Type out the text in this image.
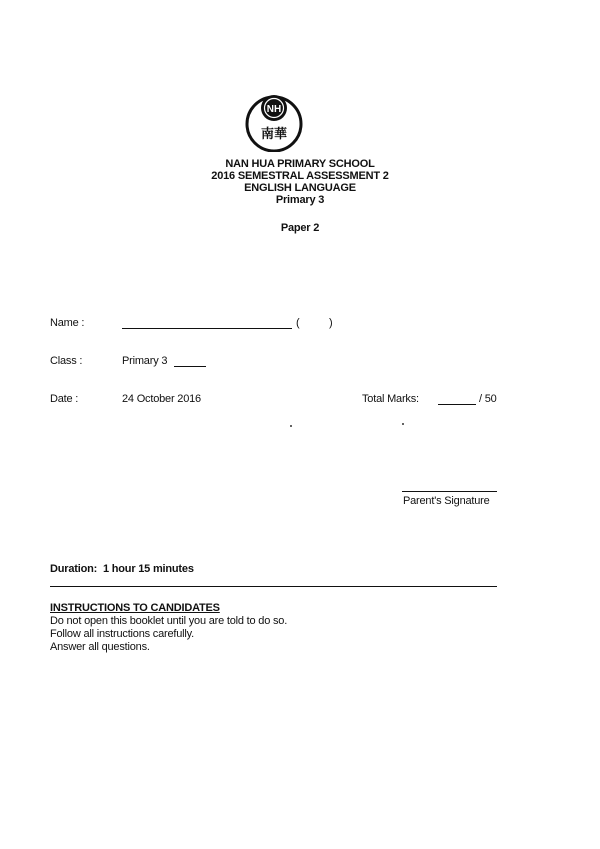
NH
南華
NAN HUA PRIMARY SCHOOL
2016 SEMESTRAL ASSESSMENT 2
ENGLISH LANGUAGE
Primary 3
Paper 2
Name :	(	)
Class :	Primary 3
Date :	24 October 2016	Total Marks:	/ 50
Parent's Signature
Duration: 1 hour 15 minutes
INSTRUCTIONS TO CANDIDATES
Do not open this booklet until you are told to do so.
Follow all instructions carefully.
Answer all questions.
